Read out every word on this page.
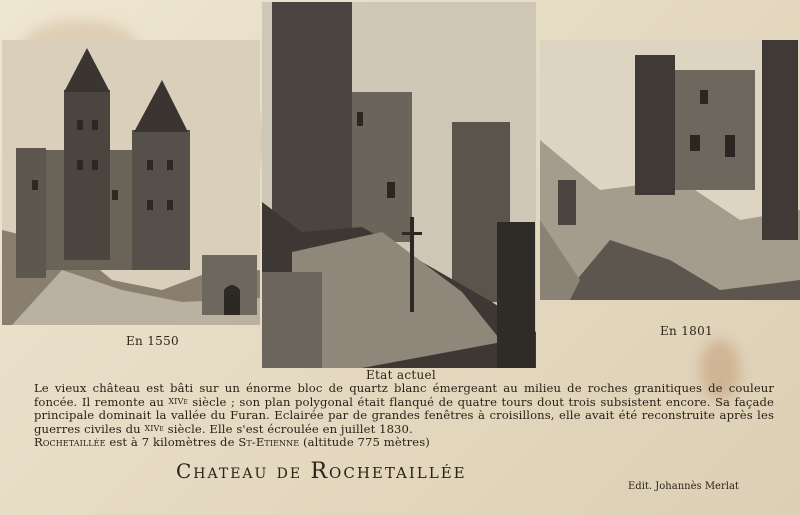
En 1550
Etat actuel
En 1801

Le vieux château est bâti sur un énorme bloc de quartz blanc émergeant au milieu de roches granitiques de couleur foncée. Il remonte au $^{XIVe}$ siècle ; son plan polygonal était flanqué de quatre tours dout trois subsistent encore. Sa façade principale dominait la vallée du Furan. Eclairée par de grandes fenêtres à croisillons, elle avait été reconstruite après les guerres civiles du $^{XIVe}$ siècle. Elle s'est écroulée en juillet 1830.

Rochetaillée est à 7 kilomètres de St-Etienne (altitude 775 mètres)

Chateau de Rochetaillée
Edit. Johannès Merlat
